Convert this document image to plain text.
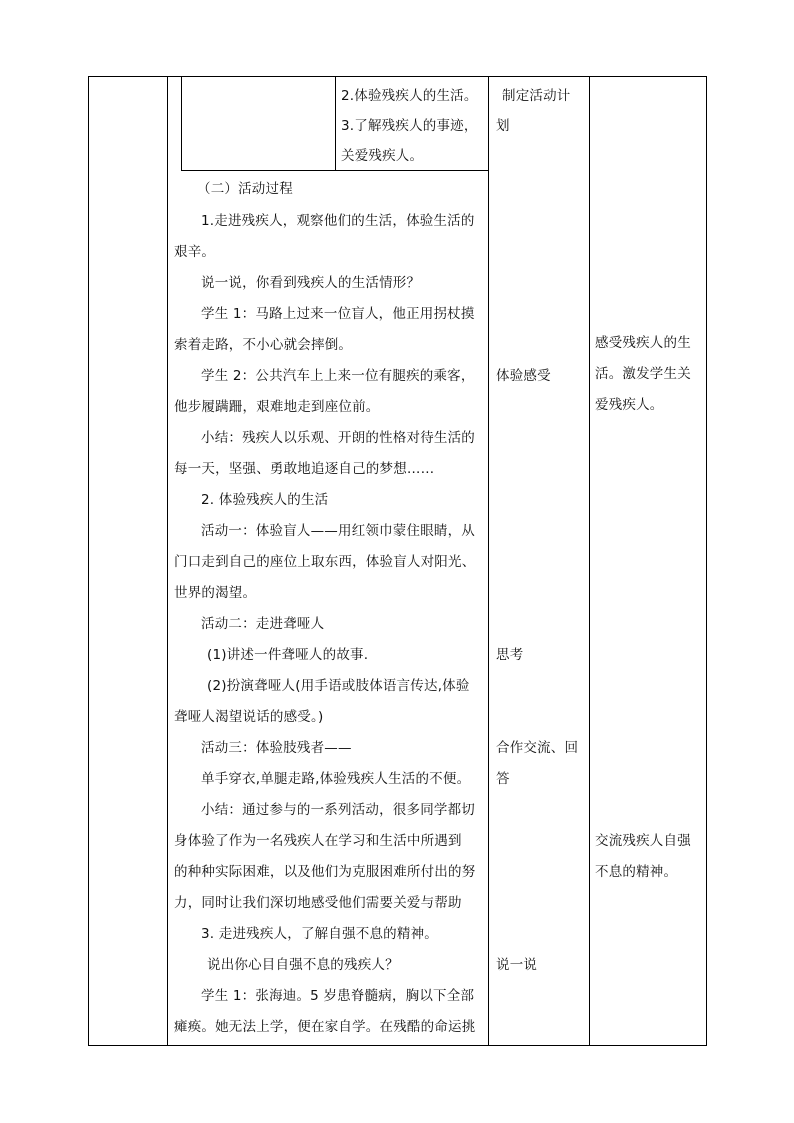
2.体验残疾人的生活。
3.了解残疾人的事迹，
关爱残疾人。
制定活动计
划
（二）活动过程
1.走进残疾人，观察他们的生活，体验生活的
艰辛。
说一说，你看到残疾人的生活情形？
学生 1：马路上过来一位盲人，他正用拐杖摸
索着走路，不小心就会摔倒。
学生 2：公共汽车上上来一位有腿疾的乘客，
他步履蹒跚，艰难地走到座位前。
小结：残疾人以乐观、开朗的性格对待生活的
每一天，坚强、勇敢地追逐自己的梦想……
2. 体验残疾人的生活
活动一：体验盲人——用红领巾蒙住眼睛，从
门口走到自己的座位上取东西，体验盲人对阳光、
世界的渴望。
活动二：走进聋哑人
(1)讲述一件聋哑人的故事.
(2)扮演聋哑人(用手语或肢体语言传达,体验
聋哑人渴望说话的感受。)
活动三：体验肢残者——
单手穿衣,单腿走路,体验残疾人生活的不便。
小结：通过参与的一系列活动，很多同学都切
身体验了作为一名残疾人在学习和生活中所遇到
的种种实际困难，以及他们为克服困难所付出的努
力，同时让我们深切地感受他们需要关爱与帮助
3. 走进残疾人，了解自强不息的精神。
说出你心目自强不息的残疾人？
学生 1：张海迪。5 岁患脊髓病，胸以下全部
瘫痪。她无法上学，便在家自学。在残酷的命运挑
体验感受
思考
合作交流、回
答
说一说
感受残疾人的生
活。激发学生关
爱残疾人。
交流残疾人自强
不息的精神。
